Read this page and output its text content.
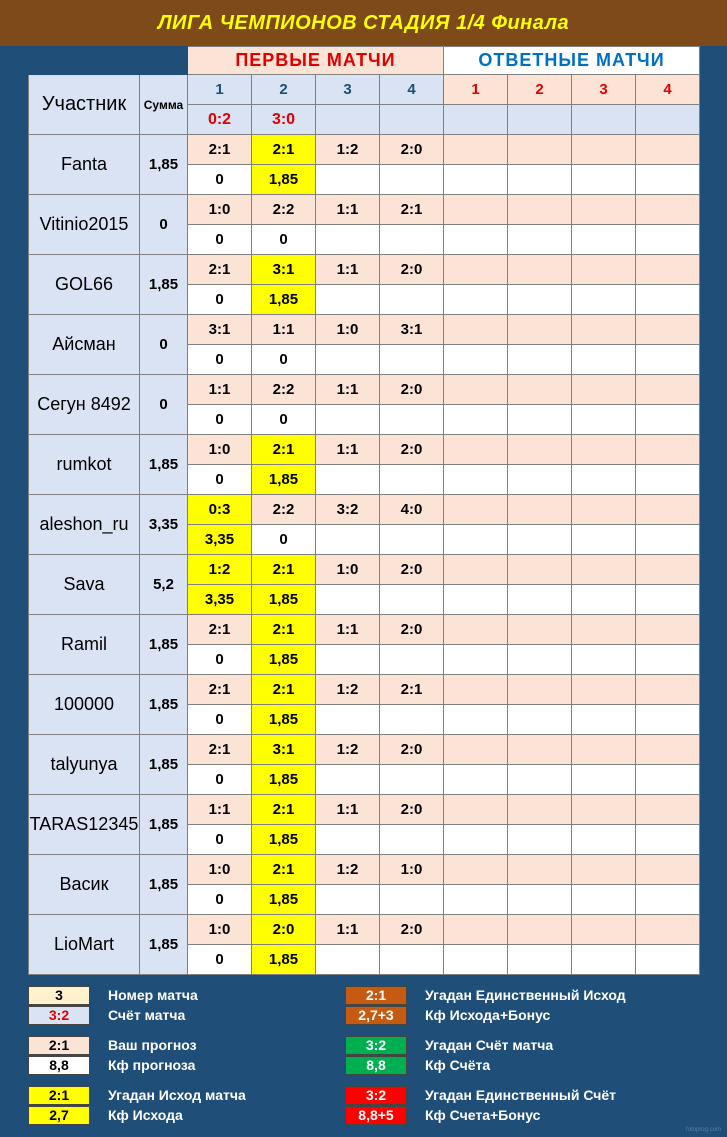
ЛИГА ЧЕМПИОНОВ СТАДИЯ 1/4 Финала
		ПЕРВЫЕ МАТЧИ				ОТВЕТНЫЕ МАТЧИ			
Участник	Сумма	1	2	3	4	1	2	3	4
		0:2	3:0						
Fanta	1,85	2:1	2:1	1:2	2:0				
		0	1,85						
Vitinio2015	0	1:0	2:2	1:1	2:1				
		0	0						
GOL66	1,85	2:1	3:1	1:1	2:0				
		0	1,85						
Айсман	0	3:1	1:1	1:0	3:1				
		0	0						
Сегун 8492	0	1:1	2:2	1:1	2:0				
		0	0						
rumkot	1,85	1:0	2:1	1:1	2:0				
		0	1,85						
aleshon_ru	3,35	0:3	2:2	3:2	4:0				
		3,35	0						
Sava	5,2	1:2	2:1	1:0	2:0				
		3,35	1,85						
Ramil	1,85	2:1	2:1	1:1	2:0				
		0	1,85						
100000	1,85	2:1	2:1	1:2	2:1				
		0	1,85						
talyunya	1,85	2:1	3:1	1:2	2:0				
		0	1,85						
TARAS12345	1,85	1:1	2:1	1:1	2:0				
		0	1,85						
Васик	1,85	1:0	2:1	1:2	1:0				
		0	1,85						
LioMart	1,85	1:0	2:0	1:1	2:0				
		0	1,85						
3	Номер матча
3:2	Счёт матча
2:1	Ваш прогноз
8,8	Кф прогноза
2:1	Угадан Исход матча
2,7	Кф Исхода
2:1	Угадан Единственный Исход
2,7+3	Кф Исхода+Бонус
3:2	Угадан Счёт матча
8,8	Кф Счёта
3:2	Угадан Единственный Счёт
8,8+5	Кф Счета+Бонус
fotoprog.com
